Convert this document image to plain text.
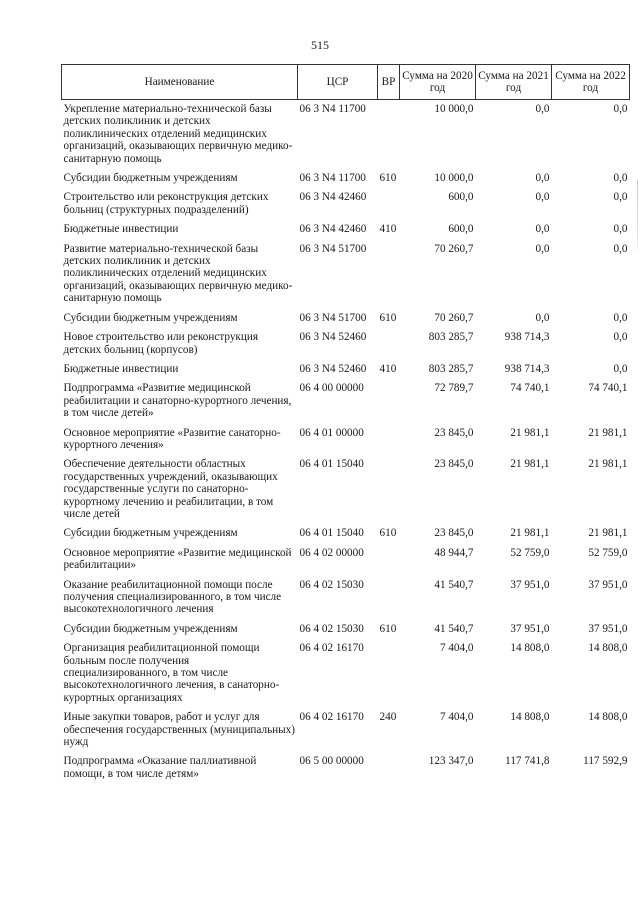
515
Наименование	ЦСР	ВР	Сумма на 2020 год	Сумма на 2021 год	Сумма на 2022 год
Укрепление материально-технической базы детских поликлиник и детских поликлинических отделений медицинских организаций, оказывающих первичную медико-санитарную помощь	06 3 N4 11700		10 000,0	0,0	0,0
Субсидии бюджетным учреждениям	06 3 N4 11700	610	10 000,0	0,0	0,0
Строительство или реконструкция детских больниц (структурных подразделений)	06 3 N4 42460		600,0	0,0	0,0
Бюджетные инвестиции	06 3 N4 42460	410	600,0	0,0	0,0
Развитие материально-технической базы детских поликлиник и детских поликлинических отделений медицинских организаций, оказывающих первичную медико-санитарную помощь	06 3 N4 51700		70 260,7	0,0	0,0
Субсидии бюджетным учреждениям	06 3 N4 51700	610	70 260,7	0,0	0,0
Новое строительство или реконструкция детских больниц (корпусов)	06 3 N4 52460		803 285,7	938 714,3	0,0
Бюджетные инвестиции	06 3 N4 52460	410	803 285,7	938 714,3	0,0
Подпрограмма «Развитие медицинской реабилитации и санаторно-курортного лечения, в том числе детей»	06 4 00 00000		72 789,7	74 740,1	74 740,1
Основное мероприятие «Развитие санаторно-курортного лечения»	06 4 01 00000		23 845,0	21 981,1	21 981,1
Обеспечение деятельности областных государственных учреждений, оказывающих государственные услуги по санаторно-курортному лечению и реабилитации, в том числе детей	06 4 01 15040		23 845,0	21 981,1	21 981,1
Субсидии бюджетным учреждениям	06 4 01 15040	610	23 845,0	21 981,1	21 981,1
Основное мероприятие «Развитие медицинской реабилитации»	06 4 02 00000		48 944,7	52 759,0	52 759,0
Оказание реабилитационной помощи после получения специализированного, в том числе высокотехнологичного лечения	06 4 02 15030		41 540,7	37 951,0	37 951,0
Субсидии бюджетным учреждениям	06 4 02 15030	610	41 540,7	37 951,0	37 951,0
Организация реабилитационной помощи больным после получения специализированного, в том числе высокотехнологичного лечения, в санаторно-курортных организациях	06 4 02 16170		7 404,0	14 808,0	14 808,0
Иные закупки товаров, работ и услуг для обеспечения государственных (муниципальных) нужд	06 4 02 16170	240	7 404,0	14 808,0	14 808,0
Подпрограмма «Оказание паллиативной помощи, в том числе детям»	06 5 00 00000		123 347,0	117 741,8	117 592,9
